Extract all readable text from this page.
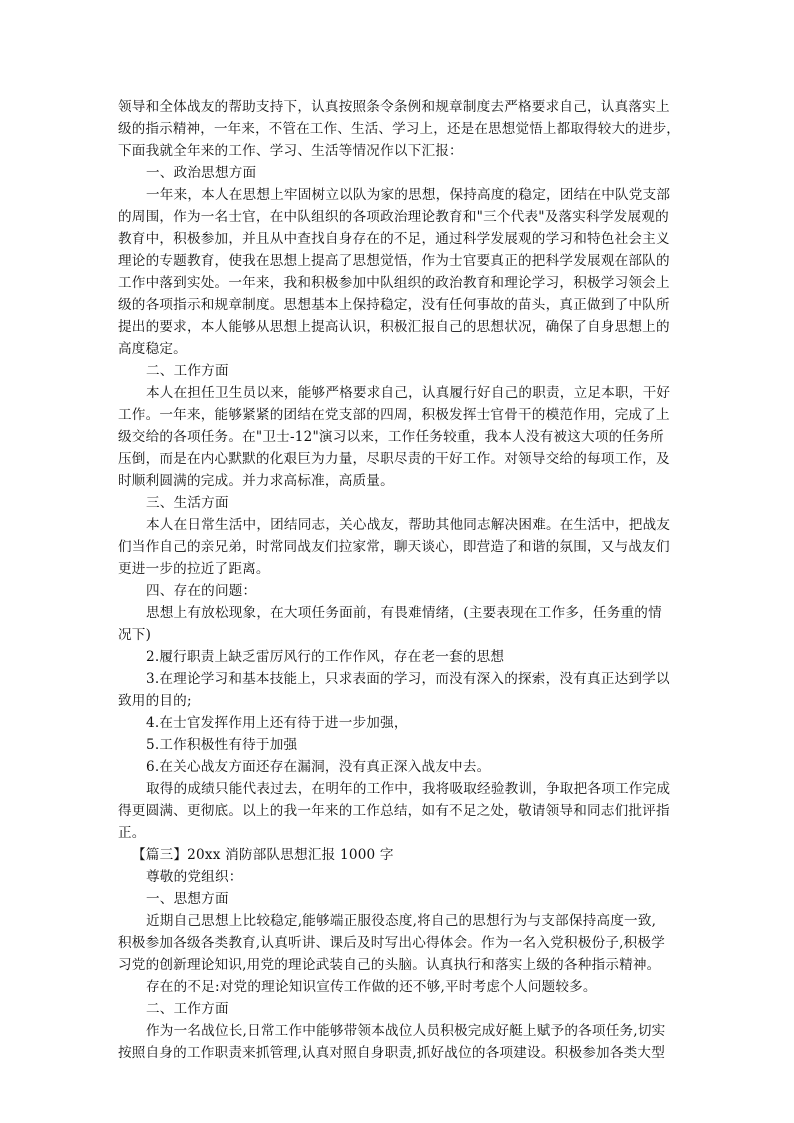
领导和全体战友的帮助支持下，认真按照条令条例和规章制度去严格要求自己，认真落实上
级的指示精神，一年来，不管在工作、生活、学习上，还是在思想觉悟上都取得较大的进步，
下面我就全年来的工作、学习、生活等情况作以下汇报：
一、政治思想方面
一年来，本人在思想上牢固树立以队为家的思想，保持高度的稳定，团结在中队党支部
的周围，作为一名士官，在中队组织的各项政治理论教育和"三个代表"及落实科学发展观的
教育中，积极参加，并且从中查找自身存在的不足，通过科学发展观的学习和特色社会主义
理论的专题教育，使我在思想上提高了思想觉悟，作为士官要真正的把科学发展观在部队的
工作中落到实处。一年来，我和积极参加中队组织的政治教育和理论学习，积极学习领会上
级的各项指示和规章制度。思想基本上保持稳定，没有任何事故的苗头，真正做到了中队所
提出的要求，本人能够从思想上提高认识，积极汇报自己的思想状况，确保了自身思想上的
高度稳定。
二、工作方面
本人在担任卫生员以来，能够严格要求自己，认真履行好自己的职责，立足本职，干好
工作。一年来，能够紧紧的团结在党支部的四周，积极发挥士官骨干的模范作用，完成了上
级交给的各项任务。在"卫士-12"演习以来，工作任务较重，我本人没有被这大项的任务所
压倒，而是在内心默默的化艰巨为力量，尽职尽责的干好工作。对领导交给的每项工作，及
时顺利圆满的完成。并力求高标准，高质量。
三、生活方面
本人在日常生活中，团结同志，关心战友，帮助其他同志解决困难。在生活中，把战友
们当作自己的亲兄弟，时常同战友们拉家常，聊天谈心，即营造了和谐的氛围，又与战友们
更进一步的拉近了距离。
四、存在的问题：
思想上有放松现象，在大项任务面前，有畏难情绪，(主要表现在工作多，任务重的情
况下)
2.履行职责上缺乏雷厉风行的工作作风，存在老一套的思想
3.在理论学习和基本技能上，只求表面的学习，而没有深入的探索，没有真正达到学以
致用的目的;
4.在士官发挥作用上还有待于进一步加强，
5.工作积极性有待于加强
6.在关心战友方面还存在漏洞，没有真正深入战友中去。
取得的成绩只能代表过去，在明年的工作中，我将吸取经验教训，争取把各项工作完成
得更圆满、更彻底。以上的我一年来的工作总结，如有不足之处，敬请领导和同志们批评指
正。
【篇三】20xx 消防部队思想汇报 1000 字
尊敬的党组织：
一、思想方面
近期自己思想上比较稳定,能够端正服役态度,将自己的思想行为与支部保持高度一致,
积极参加各级各类教育,认真听讲、课后及时写出心得体会。作为一名入党积极份子,积极学
习党的创新理论知识,用党的理论武装自己的头脑。认真执行和落实上级的各种指示精神。
存在的不足:对党的理论知识宣传工作做的还不够,平时考虑个人问题较多。
二、工作方面
作为一名战位长,日常工作中能够带领本战位人员积极完成好艇上赋予的各项任务,切实
按照自身的工作职责来抓管理,认真对照自身职责,抓好战位的各项建设。积极参加各类大型
